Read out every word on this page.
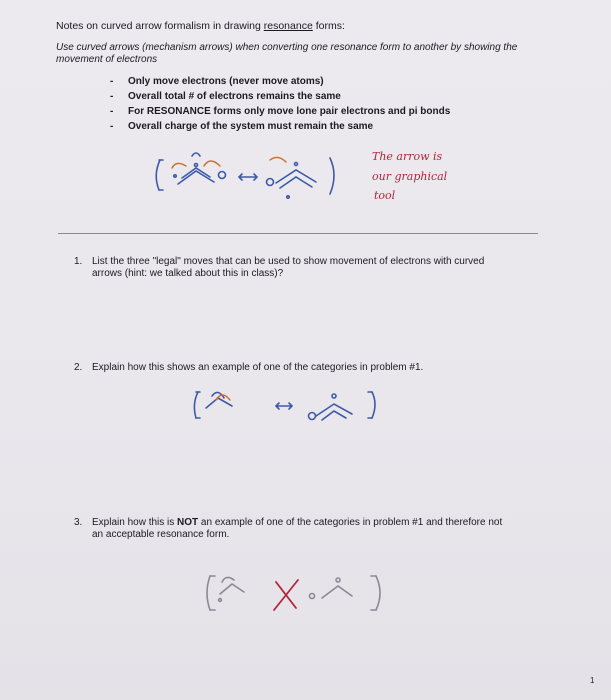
Notes on curved arrow formalism in drawing resonance forms:
Use curved arrows (mechanism arrows) when converting one resonance form to another by showing the movement of electrons
- Only move electrons (never move atoms)
- Overall total # of electrons remains the same
- For RESONANCE forms only move lone pair electrons and pi bonds
- Overall charge of the system must remain the same
The arrow is
our graphical
tool
1. List the three "legal" moves that can be used to show movement of electrons with curved arrows (hint: we talked about this in class)?
2. Explain how this shows an example of one of the categories in problem #1.
3. Explain how this is NOT an example of one of the categories in problem #1 and therefore not an acceptable resonance form.
1
